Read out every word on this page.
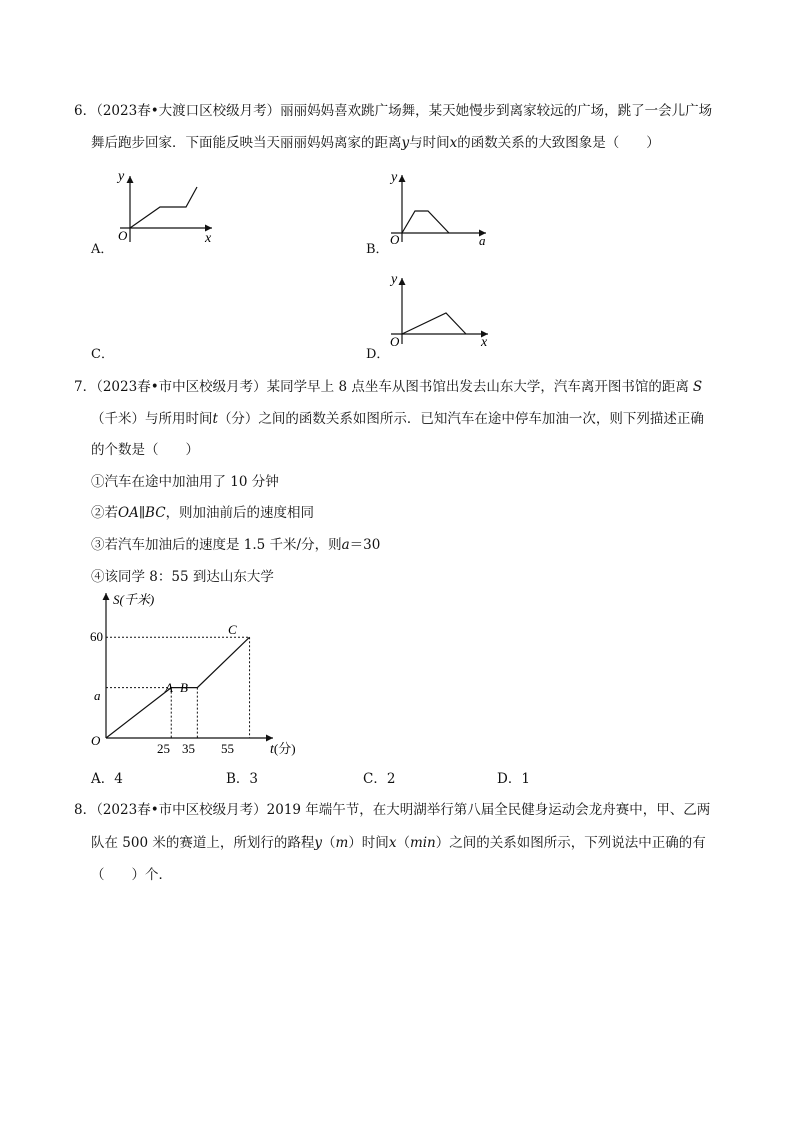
6．（2023春•大渡口区校级月考）丽丽妈妈喜欢跳广场舞，某天她慢步到离家较远的广场，跳了一会儿广场
舞后跑步回家．下面能反映当天丽丽妈妈离家的距离y与时间x的函数关系的大致图象是（　　）
A．
y
x
O
B．
y
a
O
C．	D．
y
x
O
7．（2023春•市中区校级月考）某同学早上 8 点坐车从图书馆出发去山东大学，汽车离开图书馆的距离 S
（千米）与所用时间t（分）之间的函数关系如图所示．已知汽车在途中停车加油一次，则下列描述正确
的个数是（　　）
①汽车在途中加油用了 10 分钟
②若OA∥BC，则加油前后的速度相同
③若汽车加油后的速度是 1.5 千米/分，则a＝30
④该同学 8：55 到达山东大学
S(千米)
60
a
O
A B
C
25 35 55	t(分)
A．4	B．3	C．2	D．1
8．（2023春•市中区校级月考）2019 年端午节，在大明湖举行第八届全民健身运动会龙舟赛中，甲、乙两
队在 500 米的赛道上，所划行的路程y（m）时间x（min）之间的关系如图所示，下列说法中正确的有
（　　）个．
